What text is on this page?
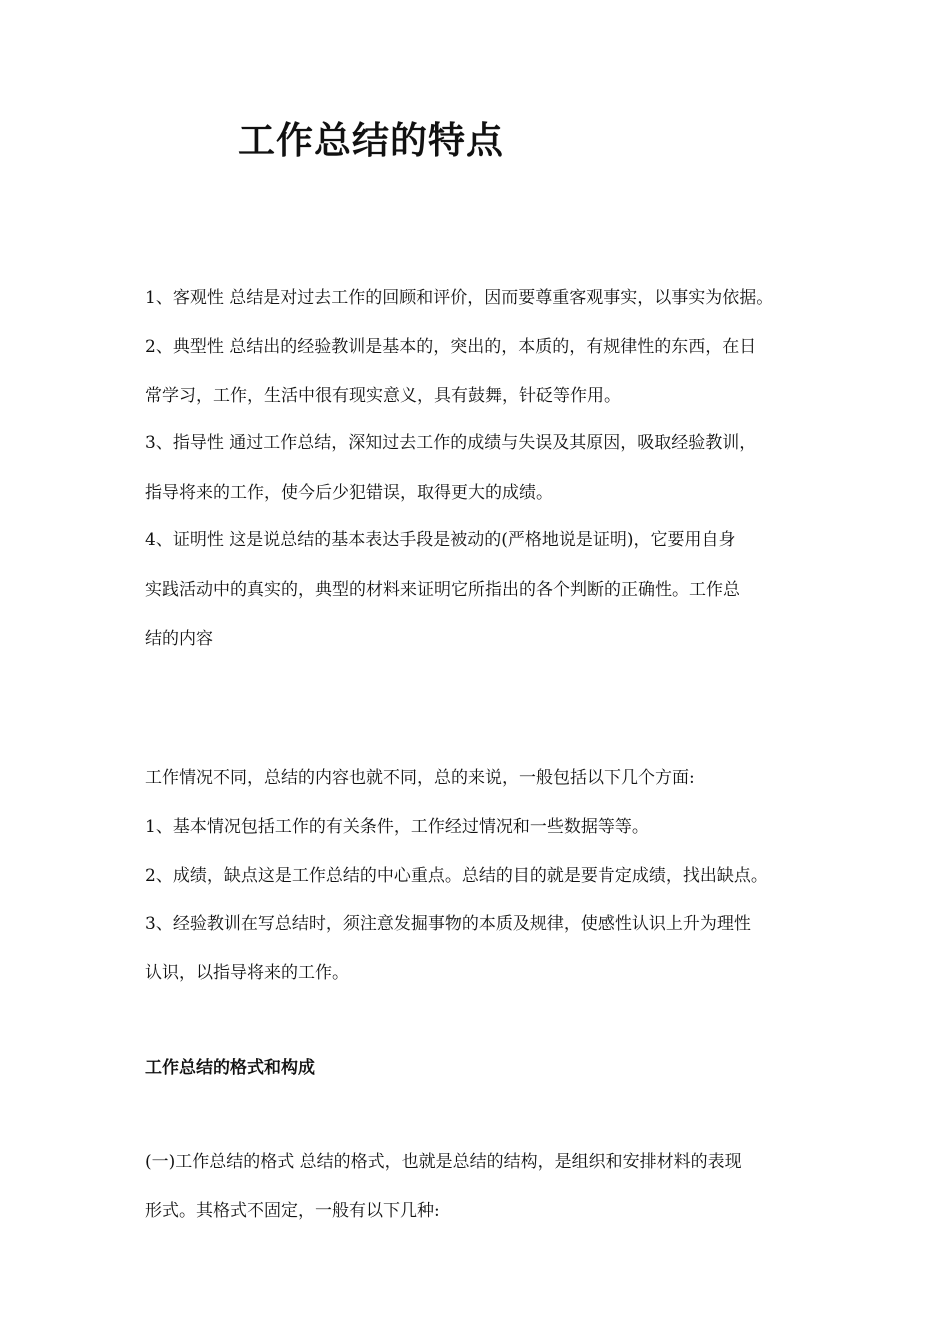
工作总结的特点
1、客观性 总结是对过去工作的回顾和评价，因而要尊重客观事实，以事实为依据。
2、典型性 总结出的经验教训是基本的，突出的，本质的，有规律性的东西，在日
常学习，工作，生活中很有现实意义，具有鼓舞，针砭等作用。
3、指导性 通过工作总结，深知过去工作的成绩与失误及其原因，吸取经验教训，
指导将来的工作，使今后少犯错误，取得更大的成绩。
4、证明性 这是说总结的基本表达手段是被动的(严格地说是证明)，它要用自身
实践活动中的真实的，典型的材料来证明它所指出的各个判断的正确性。工作总
结的内容
工作情况不同，总结的内容也就不同，总的来说，一般包括以下几个方面:
1、基本情况包括工作的有关条件，工作经过情况和一些数据等等。
2、成绩，缺点这是工作总结的中心重点。总结的目的就是要肯定成绩，找出缺点。
3、经验教训在写总结时，须注意发掘事物的本质及规律，使感性认识上升为理性
认识，以指导将来的工作。
工作总结的格式和构成
(一)工作总结的格式 总结的格式，也就是总结的结构，是组织和安排材料的表现
形式。其格式不固定，一般有以下几种:
